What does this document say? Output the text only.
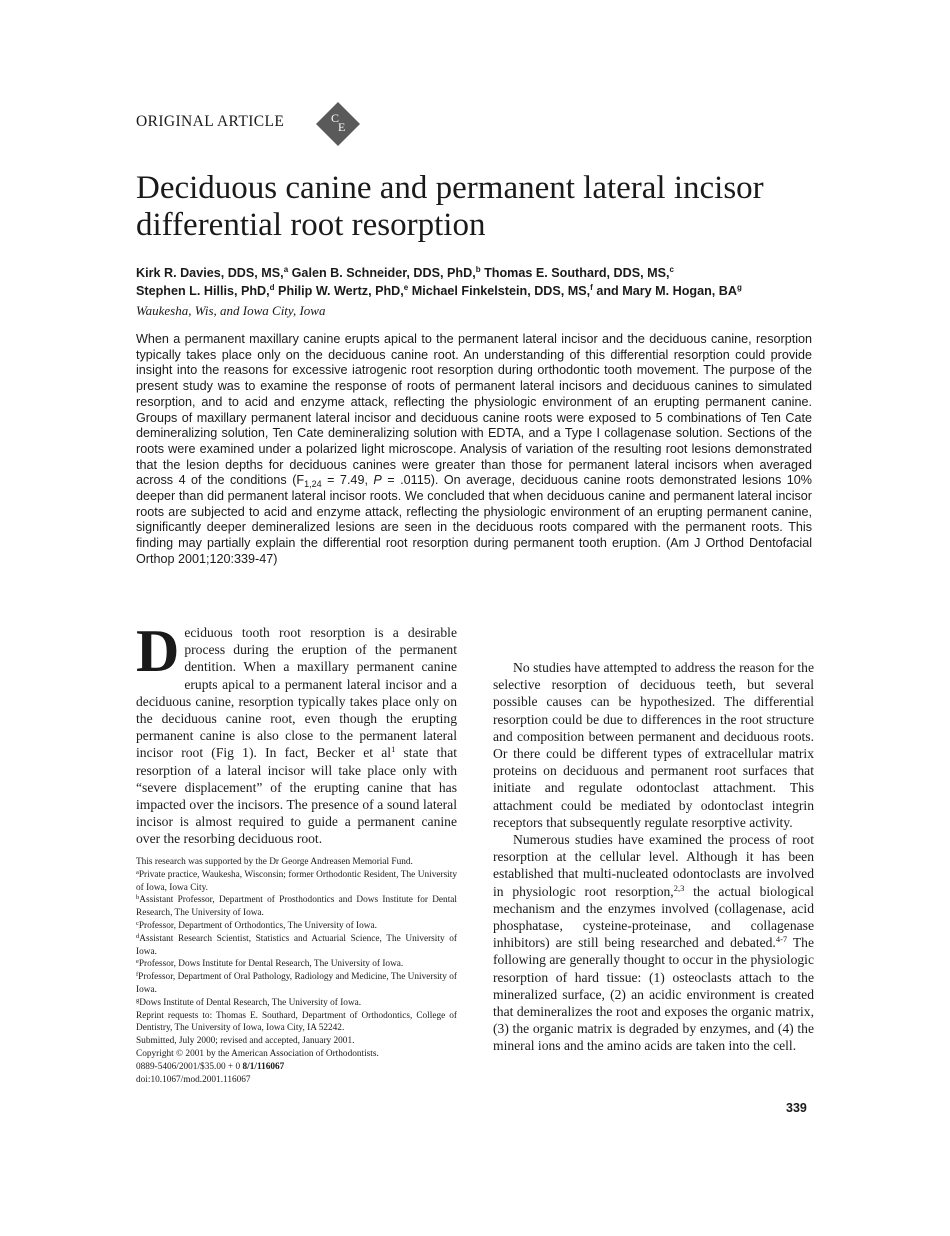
ORIGINAL ARTICLE	C
E
Deciduous canine and permanent lateral incisor
differential root resorption
Kirk R. Davies, DDS, MS,$^a$ Galen B. Schneider, DDS, PhD,$^b$ Thomas E. Southard, DDS, MS,$^c$
Stephen L. Hillis, PhD,$^d$ Philip W. Wertz, PhD,$^e$ Michael Finkelstein, DDS, MS,$^f$ and Mary M. Hogan, $BA^g$
Waukesha, Wis, and Iowa City, Iowa

When a permanent maxillary canine erupts apical to the permanent lateral incisor and the deciduous canine, resorption typically takes place only on the deciduous canine root. An understanding of this differential resorption could provide insight into the reasons for excessive iatrogenic root resorption during orthodontic tooth movement. The purpose of the present study was to examine the response of roots of permanent lateral incisors and deciduous canines to simulated resorption, and to acid and enzyme attack, reflecting the physiologic environment of an erupting permanent canine. Groups of maxillary permanent lateral incisor and deciduous canine roots were exposed to 5 combinations of Ten Cate demineralizing solution, Ten Cate demineralizing solution with EDTA, and a Type I collagenase solution. Sections of the roots were examined under a polarized light microscope. Analysis of variation of the resulting root lesions demonstrated that the lesion depths for deciduous canines were greater than those for permanent lateral incisors when averaged across 4 of the conditions ($F_{1,24} = 7.49$, P = .0115). On average, deciduous canine roots demonstrated lesions 10% deeper than did permanent lateral incisor roots. We concluded that when deciduous canine and permanent lateral incisor roots are subjected to acid and enzyme attack, reflecting the physiologic environment of an erupting permanent canine, significantly deeper demineralized lesions are seen in the deciduous roots compared with the permanent roots. This finding may partially explain the differential root resorption during permanent tooth eruption. (Am J Orthod Dentofacial Orthop 2001;120:339-47)

Deciduous tooth root resorption is a desirable process during the eruption of the permanent dentition. When a maxillary permanent canine erupts apical to a permanent lateral incisor and a deciduous canine, resorption typically takes place only on the deciduous canine root, even though the erupting permanent canine is also close to the permanent lateral incisor root (Fig 1). In fact, Becker et $al^1$ state that resorption of a lateral incisor will take place only with “severe displacement” of the erupting canine that has impacted over the incisors. The presence of a sound lateral incisor is almost required to guide a permanent canine over the resorbing deciduous root.

No studies have attempted to address the reason for the selective resorption of deciduous teeth, but several possible causes can be hypothesized. The differential resorption could be due to differences in the root structure and composition between permanent and deciduous roots. Or there could be different types of extracellular matrix proteins on deciduous and permanent root surfaces that initiate and regulate odontoclast attachment. This attachment could be mediated by odontoclast integrin receptors that subsequently regulate resorptive activity.

Numerous studies have examined the process of root resorption at the cellular level. Although it has been established that multi-nucleated odontoclasts are involved in physiologic root resorption,$^{2,3}$ the actual biological mechanism and the enzymes involved (collagenase, acid phosphatase, cysteine-proteinase, and collagenase inhibitors) are still being researched and debated.$^{4-7}$ The following are generally thought to occur in the physiologic resorption of hard tissue: (1) osteoclasts attach to the mineralized surface, (2) an acidic environment is created that demineralizes the root and exposes the organic matrix, (3) the organic matrix is degraded by enzymes, and (4) the mineral ions and the amino acids are taken into the cell.

This research was supported by the Dr George Andreasen Memorial Fund.

$^a$Private practice, Waukesha, Wisconsin; former Orthodontic Resident, The University of Iowa, Iowa City.

$^b$Assistant Professor, Department of Prosthodontics and Dows Institute for Dental Research, The University of Iowa.

$^c$Professor, Department of Orthodontics, The University of Iowa.

$^d$Assistant Research Scientist, Statistics and Actuarial Science, The University of Iowa.

$^e$Professor, Dows Institute for Dental Research, The University of Iowa.

$^f$Professor, Department of Oral Pathology, Radiology and Medicine, The University of Iowa.

$^g$Dows Institute of Dental Research, The University of Iowa.

Reprint requests to: Thomas E. Southard, Department of Orthodontics, College of Dentistry, The University of Iowa, Iowa City, IA 52242.

Submitted, July 2000; revised and accepted, January 2001.

Copyright © 2001 by the American Association of Orthodontists.

0889-5406/2001/$35.00 + 0 8/1/116067

doi:10.1067/mod.2001.116067

339
